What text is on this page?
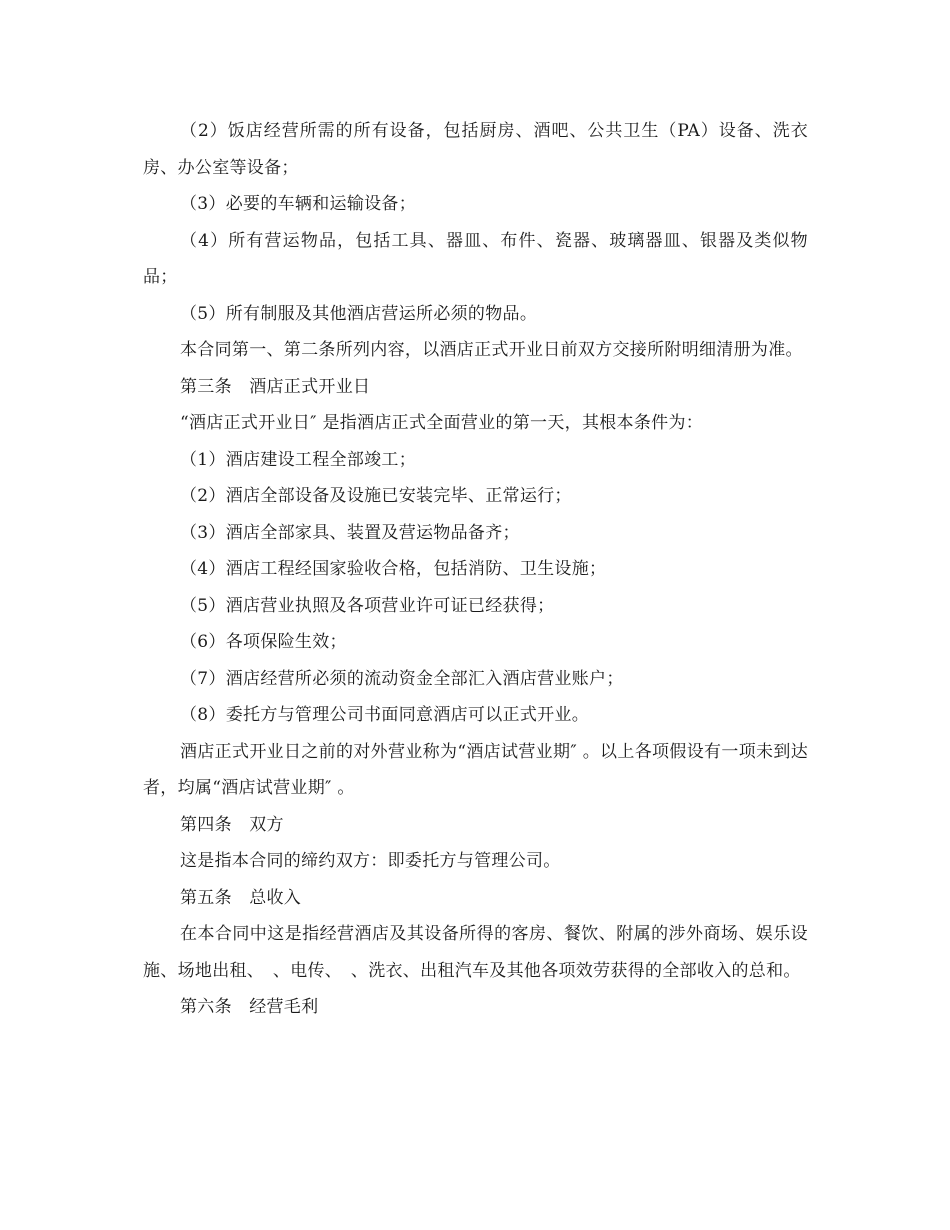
（2）饭店经营所需的所有设备，包括厨房、酒吧、公共卫生（PA）设备、洗衣房、办公室等设备；

（3）必要的车辆和运输设备；

（4）所有营运物品，包括工具、器皿、布件、瓷器、玻璃器皿、银器及类似物品；

（5）所有制服及其他酒店营运所必须的物品。

本合同第一、第二条所列内容，以酒店正式开业日前双方交接所附明细清册为准。

第三条　酒店正式开业日

“酒店正式开业日″ 是指酒店正式全面营业的第一天，其根本条件为：

（1）酒店建设工程全部竣工；

（2）酒店全部设备及设施已安装完毕、正常运行；

（3）酒店全部家具、装置及营运物品备齐；

（4）酒店工程经国家验收合格，包括消防、卫生设施；

（5）酒店营业执照及各项营业许可证已经获得；

（6）各项保险生效；

（7）酒店经营所必须的流动资金全部汇入酒店营业账户；

（8）委托方与管理公司书面同意酒店可以正式开业。

酒店正式开业日之前的对外营业称为“酒店试营业期″ 。以上各项假设有一项未到达者，均属“酒店试营业期″ 。

第四条　双方

这是指本合同的缔约双方：即委托方与管理公司。

第五条　总收入

在本合同中这是指经营酒店及其设备所得的客房、餐饮、附属的涉外商场、娱乐设施、场地出租、　、电传、　、洗衣、出租汽车及其他各项效劳获得的全部收入的总和。

第六条　经营毛利
